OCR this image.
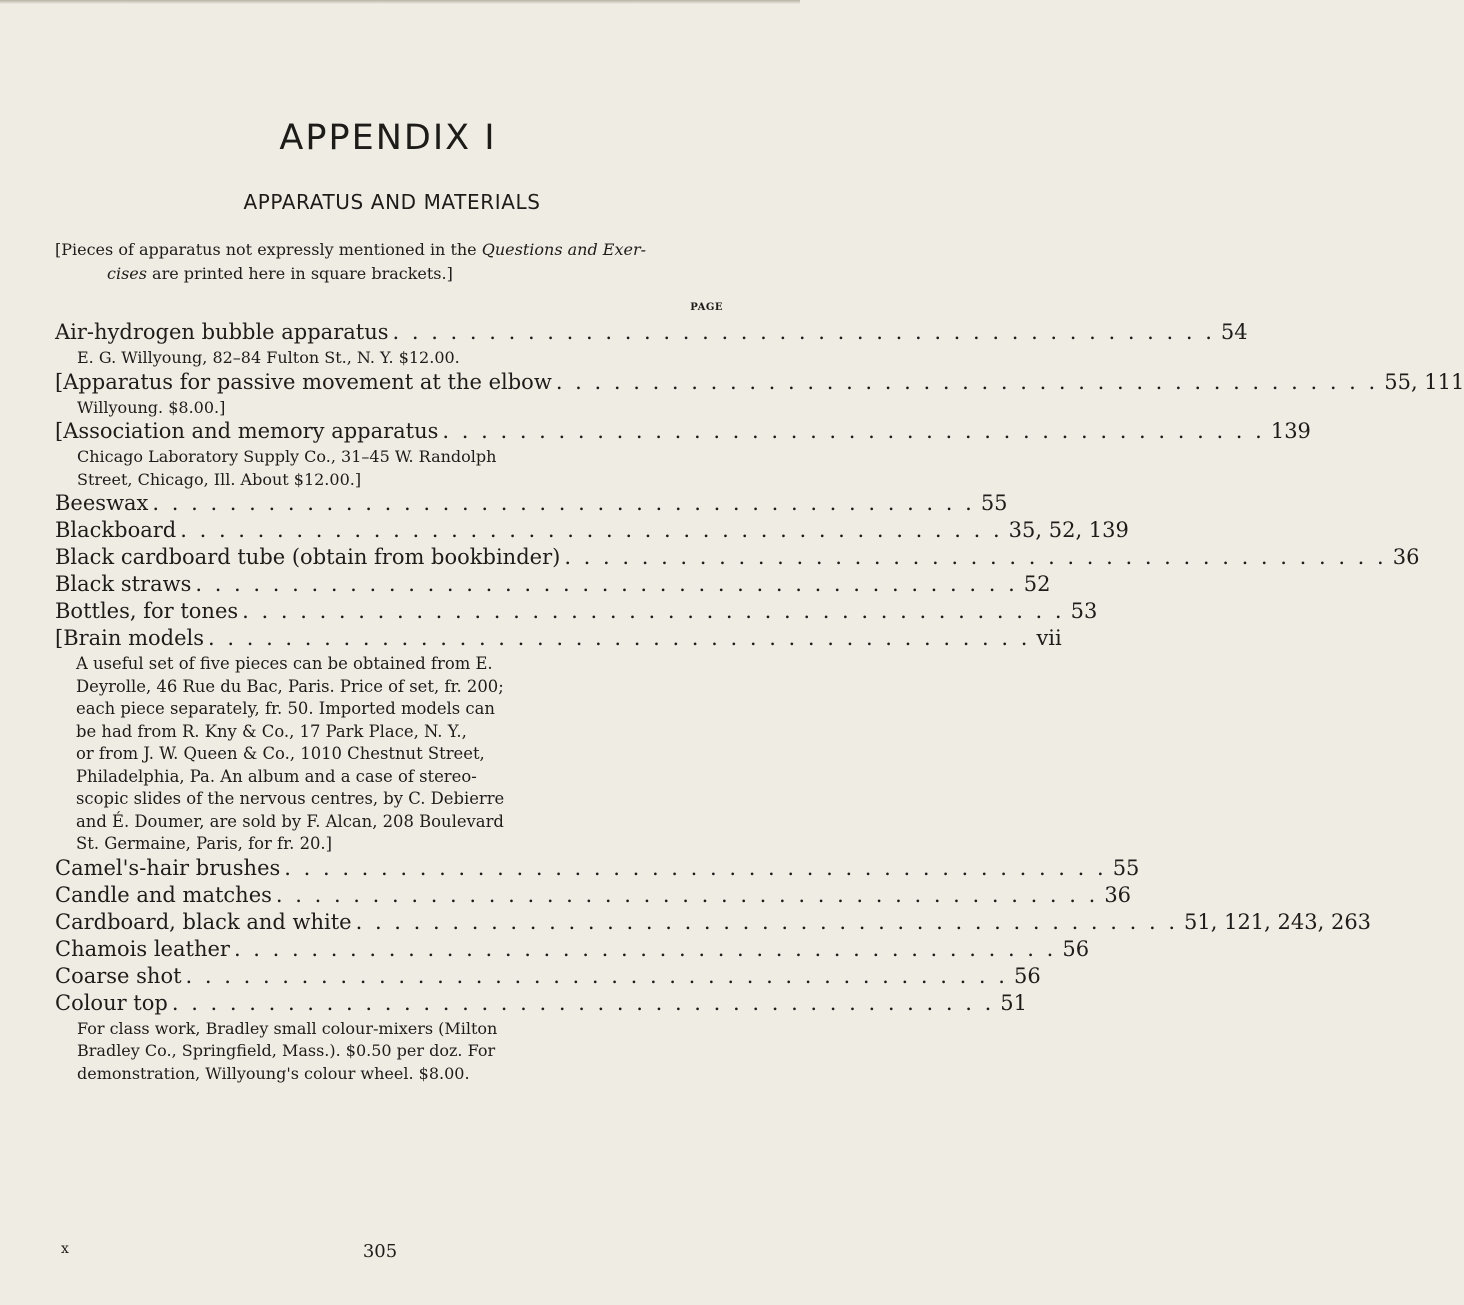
APPENDIX I
APPARATUS AND MATERIALS

[Pieces of apparatus not expressly mentioned in the Questions and Exer-

cises are printed here in square brackets.]

PAGE
Air-hydrogen bubble apparatus . . . . . . . . . . . . . . . . . . . . . . . . . . . . . . . . . . . . . . . . . . . 54

E. G. Willyoung, 82–84 Fulton St., N. Y. $12.00.

[Apparatus for passive movement at the elbow . . . . . . . . . . . . . . . . . . . . . . . . . . . . . . . . . . . . . . . . . . . 55, 111

Willyoung. $8.00.]

[Association and memory apparatus . . . . . . . . . . . . . . . . . . . . . . . . . . . . . . . . . . . . . . . . . . . 139

Chicago Laboratory Supply Co., 31–45 W. Randolph

Street, Chicago, Ill. About $12.00.]

Beeswax . . . . . . . . . . . . . . . . . . . . . . . . . . . . . . . . . . . . . . . . . . . 55
Blackboard . . . . . . . . . . . . . . . . . . . . . . . . . . . . . . . . . . . . . . . . . . . 35, 52, 139
Black cardboard tube (obtain from bookbinder) . . . . . . . . . . . . . . . . . . . . . . . . . . . . . . . . . . . . . . . . . . . 36
Black straws . . . . . . . . . . . . . . . . . . . . . . . . . . . . . . . . . . . . . . . . . . . 52
Bottles, for tones . . . . . . . . . . . . . . . . . . . . . . . . . . . . . . . . . . . . . . . . . . . 53
[Brain models . . . . . . . . . . . . . . . . . . . . . . . . . . . . . . . . . . . . . . . . . . . vii

A useful set of five pieces can be obtained from E.

Deyrolle, 46 Rue du Bac, Paris. Price of set, fr. 200;

each piece separately, fr. 50. Imported models can

be had from R. Kny & Co., 17 Park Place, N. Y.,

or from J. W. Queen & Co., 1010 Chestnut Street,

Philadelphia, Pa. An album and a case of stereo-

scopic slides of the nervous centres, by C. Debierre

and É. Doumer, are sold by F. Alcan, 208 Boulevard

St. Germaine, Paris, for fr. 20.]

Camel's-hair brushes . . . . . . . . . . . . . . . . . . . . . . . . . . . . . . . . . . . . . . . . . . . 55
Candle and matches . . . . . . . . . . . . . . . . . . . . . . . . . . . . . . . . . . . . . . . . . . . 36
Cardboard, black and white . . . . . . . . . . . . . . . . . . . . . . . . . . . . . . . . . . . . . . . . . . . 51, 121, 243, 263
Chamois leather . . . . . . . . . . . . . . . . . . . . . . . . . . . . . . . . . . . . . . . . . . . 56
Coarse shot . . . . . . . . . . . . . . . . . . . . . . . . . . . . . . . . . . . . . . . . . . . 56
Colour top . . . . . . . . . . . . . . . . . . . . . . . . . . . . . . . . . . . . . . . . . . . 51

For class work, Bradley small colour-mixers (Milton

Bradley Co., Springfield, Mass.). $0.50 per doz. For

demonstration, Willyoung's colour wheel. $8.00.

x	305
